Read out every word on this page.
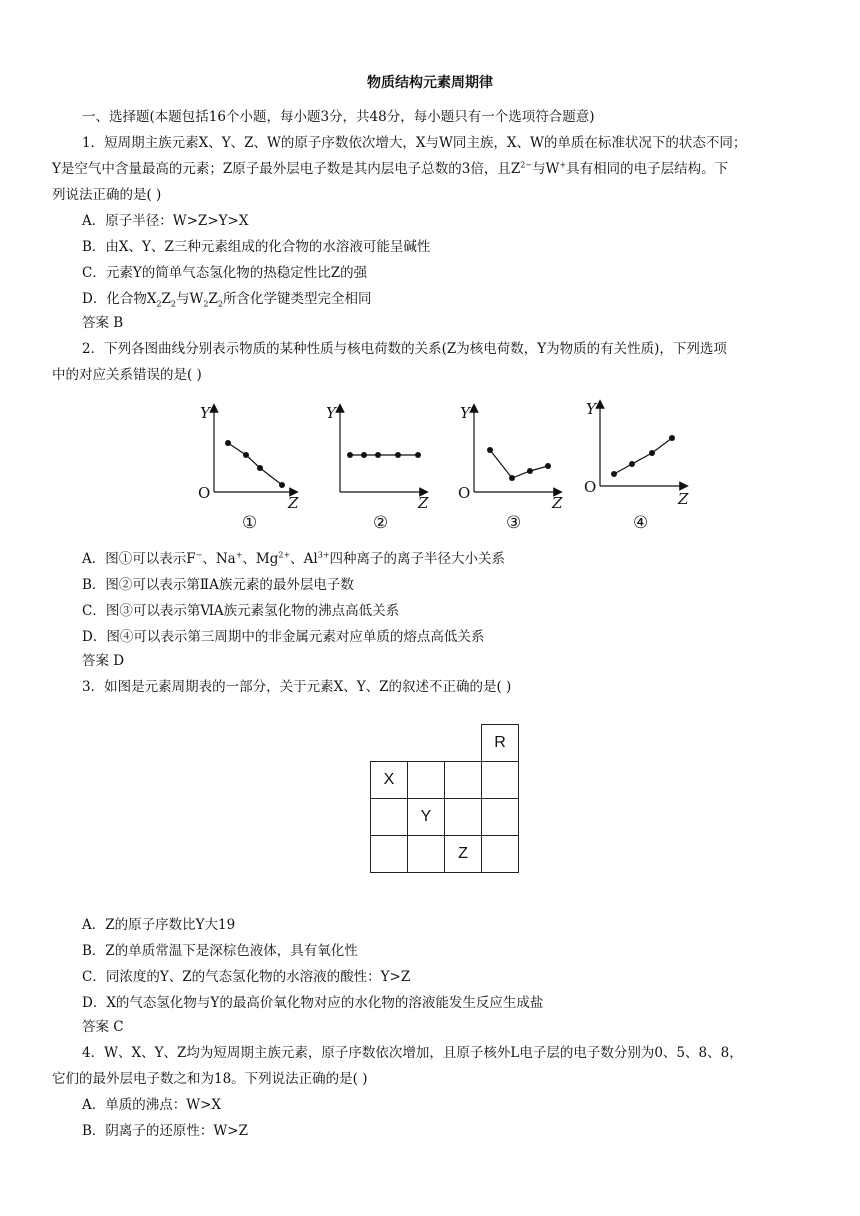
物质结构元素周期律
一、选择题(本题包括16个小题，每小题3分，共48分，每小题只有一个选项符合题意)
1．短周期主族元素X、Y、Z、W的原子序数依次增大，X与W同主族，X、W的单质在标准状况下的状态不同；
Y是空气中含量最高的元素；Z原子最外层电子数是其内层电子总数的3倍，且$Z^{2-}$与W+具有相同的电子层结构。下
列说法正确的是( )
A．原子半径：W>Z>Y>X
B．由X、Y、Z三种元素组成的化合物的水溶液可能呈碱性
C．元素Y的简单气态氢化物的热稳定性比Z的强
D．化合物$X_2Z_2$与$W_2Z_2$所含化学键类型完全相同
答案 B
2．下列各图曲线分别表示物质的某种性质与核电荷数的关系(Z为核电荷数，Y为物质的有关性质)，下列选项
中的对应关系错误的是( )
Y
O
Z
①
Y
Z
②
Y
O
Z
③
Y
O
Z
④
A．图①可以表示F−、Na+、$Mg^{2+}$、$Al^{3+}$四种离子的离子半径大小关系
B．图②可以表示第ⅡA族元素的最外层电子数
C．图③可以表示第ⅥA族元素氢化物的沸点高低关系
D．图④可以表示第三周期中的非金属元素对应单质的熔点高低关系
答案 D
3．如图是元素周期表的一部分，关于元素X、Y、Z的叙述不正确的是( )
			R
X			
	Y		
		Z	
A．Z的原子序数比Y大19
B．Z的单质常温下是深棕色液体，具有氧化性
C．同浓度的Y、Z的气态氢化物的水溶液的酸性：Y>Z
D．X的气态氢化物与Y的最高价氧化物对应的水化物的溶液能发生反应生成盐
答案 C
4．W、X、Y、Z均为短周期主族元素，原子序数依次增加，且原子核外L电子层的电子数分别为0、5、8、8，
它们的最外层电子数之和为18。下列说法正确的是( )
A．单质的沸点：W>X
B．阴离子的还原性：W>Z
